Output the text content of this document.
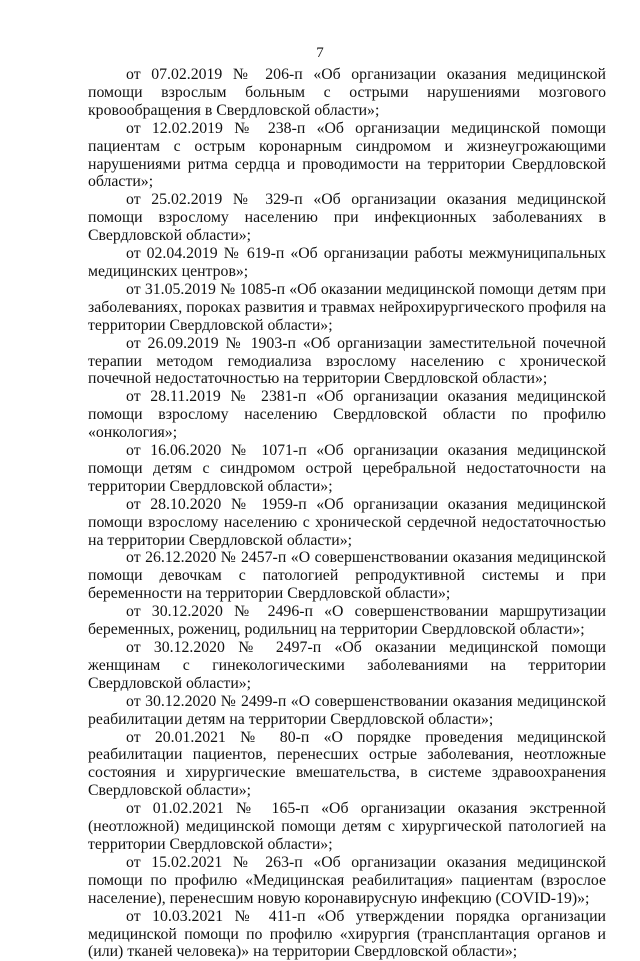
7

от 07.02.2019 № 206-п «Об организации оказания медицинской помощи взрослым больным с острыми нарушениями мозгового кровообращения в Свердловской области»;

от 12.02.2019 № 238-п «Об организации медицинской помощи пациентам с острым коронарным синдромом и жизнеугрожающими нарушениями ритма сердца и проводимости на территории Свердловской области»;

от 25.02.2019 № 329-п «Об организации оказания медицинской помощи взрослому населению при инфекционных заболеваниях в Свердловской области»;

от 02.04.2019 № 619-п «Об организации работы межмуниципальных медицинских центров»;

от 31.05.2019 № 1085-п «Об оказании медицинской помощи детям при заболеваниях, пороках развития и травмах нейрохирургического профиля на территории Свердловской области»;

от 26.09.2019 № 1903-п «Об организации заместительной почечной терапии методом гемодиализа взрослому населению с хронической почечной недостаточностью на территории Свердловской области»;

от 28.11.2019 № 2381-п «Об организации оказания медицинской помощи взрослому населению Свердловской области по профилю «онкология»;

от 16.06.2020 № 1071-п «Об организации оказания медицинской помощи детям с синдромом острой церебральной недостаточности на территории Свердловской области»;

от 28.10.2020 № 1959-п «Об организации оказания медицинской помощи взрослому населению с хронической сердечной недостаточностью на территории Свердловской области»;

от 26.12.2020 № 2457-п «О совершенствовании оказания медицинской помощи девочкам с патологией репродуктивной системы и при беременности на территории Свердловской области»;

от 30.12.2020 № 2496-п «О совершенствовании маршрутизации беременных, рожениц, родильниц на территории Свердловской области»;

от 30.12.2020 № 2497-п «Об оказании медицинской помощи женщинам с гинекологическими заболеваниями на территории Свердловской области»;

от 30.12.2020 № 2499-п «О совершенствовании оказания медицинской реабилитации детям на территории Свердловской области»;

от 20.01.2021 № 80-п «О порядке проведения медицинской реабилитации пациентов, перенесших острые заболевания, неотложные состояния и хирургические вмешательства, в системе здравоохранения Свердловской области»;

от 01.02.2021 № 165-п «Об организации оказания экстренной (неотложной) медицинской помощи детям с хирургической патологией на территории Свердловской области»;

от 15.02.2021 № 263-п «Об организации оказания медицинской помощи по профилю «Медицинская реабилитация» пациентам (взрослое население), перенесшим новую коронавирусную инфекцию (COVID-19)»;

от 10.03.2021 № 411-п «Об утверждении порядка организации медицинской помощи по профилю «хирургия (трансплантация органов и (или) тканей человека)» на территории Свердловской области»;
